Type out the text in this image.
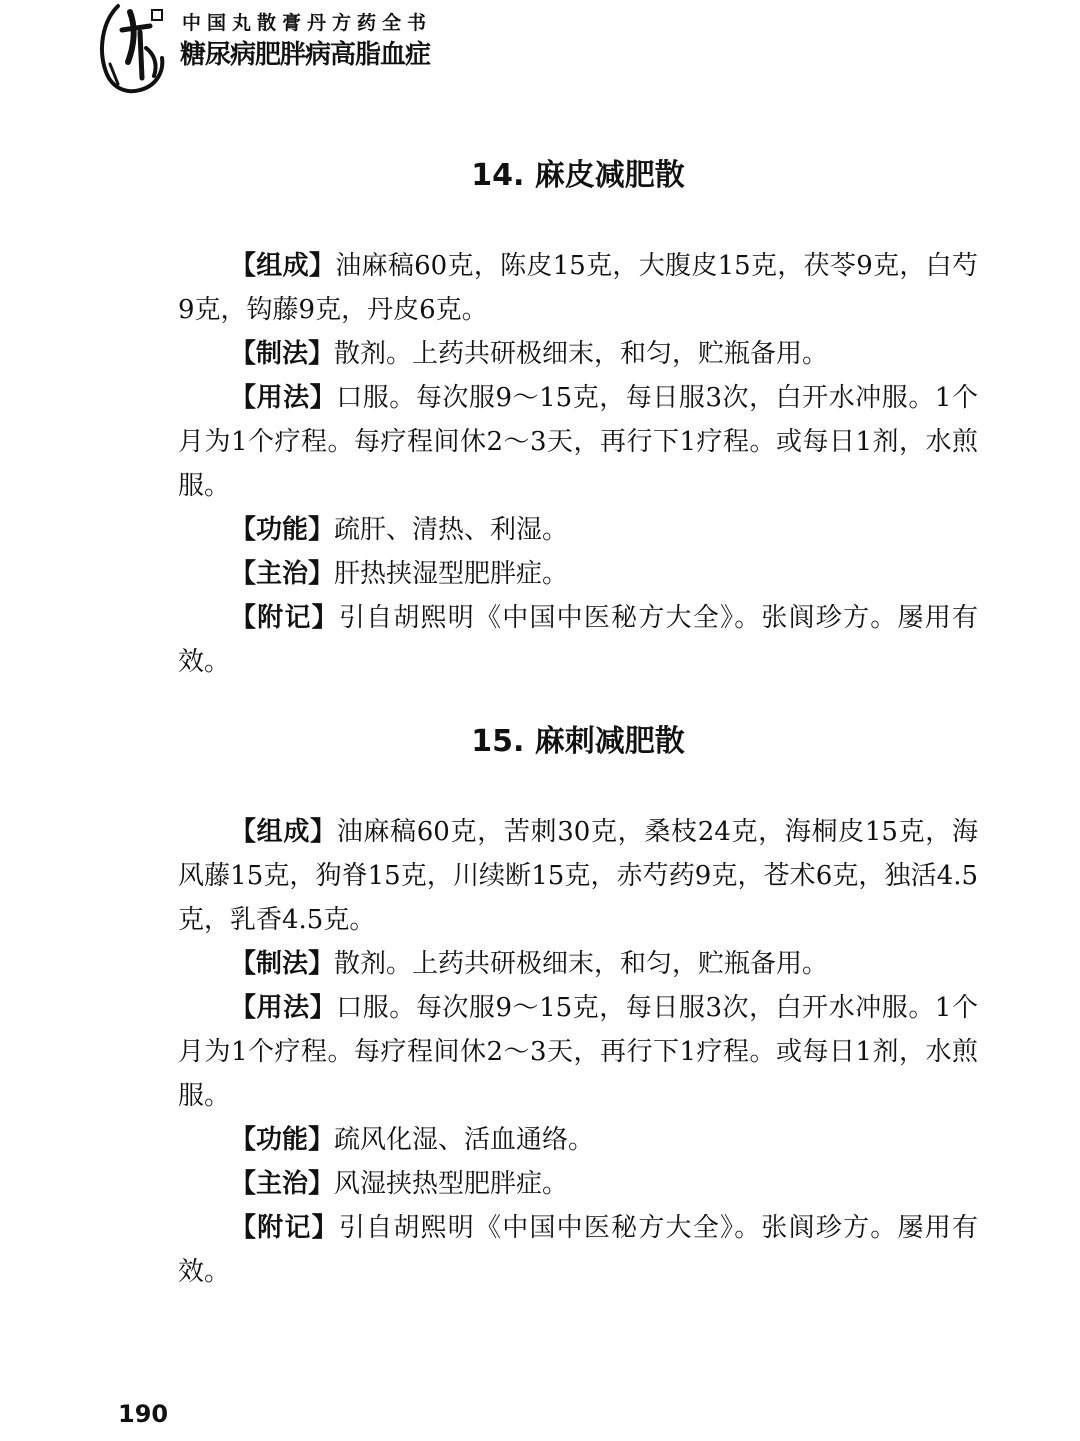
中国丸散膏丹方药全书
糖尿病肥胖病高脂血症
14. 麻皮减肥散

【组成】油麻稿60克，陈皮15克，大腹皮15克，茯苓9克，白芍9克，钩藤9克，丹皮6克。

【制法】散剂。上药共研极细末，和匀，贮瓶备用。

【用法】口服。每次服9～15克，每日服3次，白开水冲服。1个月为1个疗程。每疗程间休2～3天，再行下1疗程。或每日1剂，水煎服。

【功能】疏肝、清热、利湿。

【主治】肝热挟湿型肥胖症。

【附记】引自胡熙明《中国中医秘方大全》。张阆珍方。屡用有效。

15. 麻刺减肥散

【组成】油麻稿60克，苦刺30克，桑枝24克，海桐皮15克，海风藤15克，狗脊15克，川续断15克，赤芍药9克，苍术6克，独活4.5克，乳香4.5克。

【制法】散剂。上药共研极细末，和匀，贮瓶备用。

【用法】口服。每次服9～15克，每日服3次，白开水冲服。1个月为1个疗程。每疗程间休2～3天，再行下1疗程。或每日1剂，水煎服。

【功能】疏风化湿、活血通络。

【主治】风湿挟热型肥胖症。

【附记】引自胡熙明《中国中医秘方大全》。张阆珍方。屡用有效。

190
